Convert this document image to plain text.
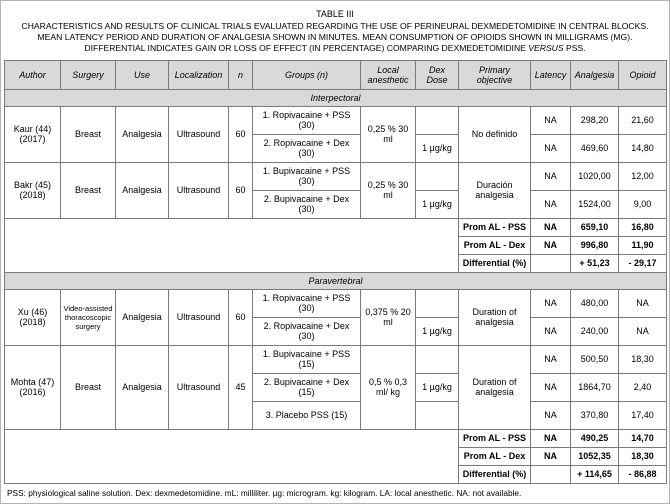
TABLE III

CHARACTERISTICS AND RESULTS OF CLINICAL TRIALS EVALUATED REGARDING THE USE OF PERINEURAL DEXMEDETOMIDINE IN CENTRAL BLOCKS. MEAN LATENCY PERIOD AND DURATION OF ANALGESIA SHOWN IN MINUTES. MEAN CONSUMPTION OF OPIOIDS SHOWN IN MILLIGRAMS (MG). DIFFERENTIAL INDICATES GAIN OR LOSS OF EFFECT (IN PERCENTAGE) COMPARING DEXMEDETOMIDINE VERSUS PSS.

Author	Surgery	Use	Localization	n	Groups (n)	Local anesthetic	Dex Dose	Primary objective	Latency	Analgesia	Opioid
Interpectoral											
Kaur (44) (2017)	Breast	Analgesia	Ultrasound	60	1. Ropivacaine + PSS (30)	0,25 % 30 ml		No definido	NA	298,20	21,60
					2. Ropivacaine + Dex (30)		1 µg/kg		NA	469,60	14,80
Bakr (45) (2018)	Breast	Analgesia	Ultrasound	60	1. Bupivacaine + PSS (30)	0,25 % 30 ml		Duración analgesia	NA	1020,00	12,00
					2. Bupivacaine + Dex (30)		1 µg/kg		NA	1524,00	9,00
								Prom AL - PSS	NA	659,10	16,80
								Prom AL - Dex	NA	996,80	11,90
								Differential (%)		+ 51,23	- 29,17
Paravertebral											
Xu (46) (2018)	Video-assisted thoracoscopic surgery	Analgesia	Ultrasound	60	1. Ropivacaine + PSS (30)	0,375 % 20 ml		Duration of analgesia	NA	480,00	NA
					2. Ropivacaine + Dex (30)		1 µg/kg		NA	240,00	NA
Mohta (47) (2016)	Breast	Analgesia	Ultrasound	45	1. Bupivacaine + PSS (15)	0,5 % 0,3 ml/ kg		Duration of analgesia	NA	500,50	18,30
					2. Bupivacaine + Dex (15)		1 µg/kg		NA	1864,70	2,40
					3. Placebo PSS (15)				NA	370,80	17,40
								Prom AL - PSS	NA	490,25	14,70
								Prom AL - Dex	NA	1052,35	18,30
								Differential (%)		+ 114,65	- 86,88

PSS: physiological saline solution. Dex: dexmedetomidine. mL: milliliter. µg: microgram. kg: kilogram. LA: local anesthetic. NA: not available.
